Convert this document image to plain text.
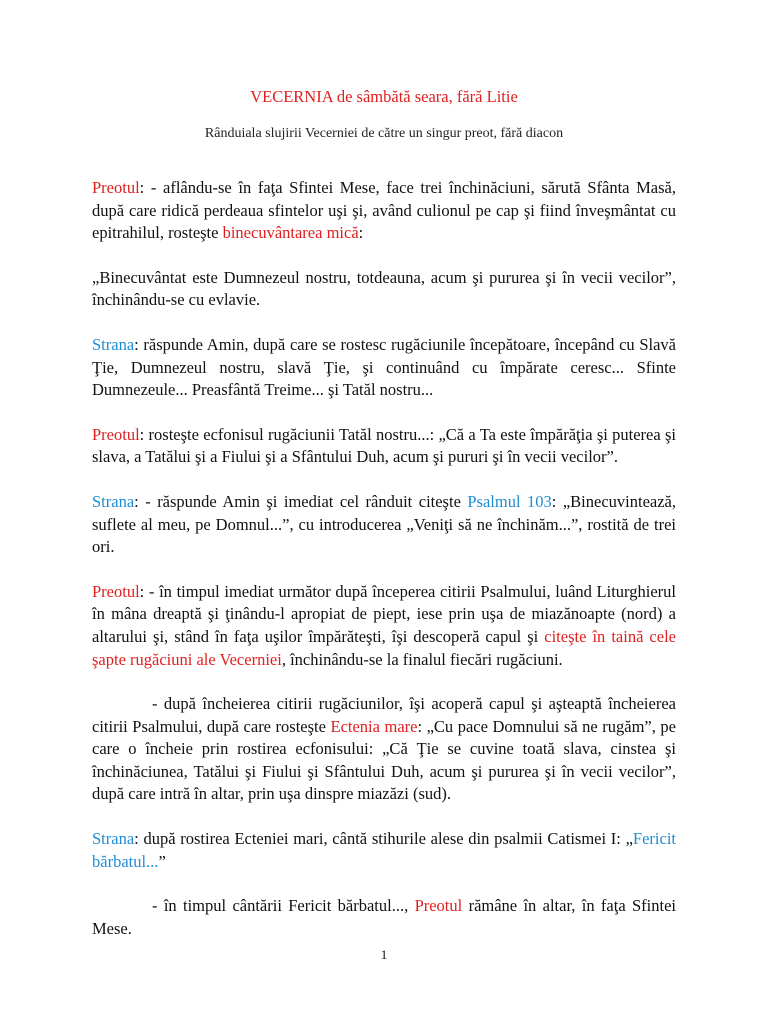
VECERNIA de sâmbătă seara, fără Litie
Rânduiala slujirii Vecerniei de către un singur preot, fără diacon

Preotul: - aflându-se în faţa Sfintei Mese, face trei închinăciuni, sărută Sfânta Masă, după care ridică perdeaua sfintelor uşi şi, având culionul pe cap şi fiind înveşmântat cu epitrahilul, rosteşte binecuvântarea mică:

„Binecuvântat este Dumnezeul nostru, totdeauna, acum şi pururea şi în vecii vecilor”, închinându-se cu evlavie.

Strana: răspunde Amin, după care se rostesc rugăciunile începătoare, începând cu Slavă Ţie, Dumnezeul nostru, slavă Ţie, şi continuând cu împărate ceresc... Sfinte Dumnezeule... Preasfântă Treime... şi Tatăl nostru...

Preotul: rosteşte ecfonisul rugăciunii Tatăl nostru...: „Că a Ta este împărăţia şi puterea şi slava, a Tatălui şi a Fiului şi a Sfântului Duh, acum şi pururi şi în vecii vecilor”.

Strana: - răspunde Amin şi imediat cel rânduit citeşte Psalmul 103: „Binecuvintează, suflete al meu, pe Domnul...”, cu introducerea „Veniţi să ne închinăm...”, rostită de trei ori.

Preotul: - în timpul imediat următor după începerea citirii Psalmului, luând Liturghierul în mâna dreaptă şi ţinându-l apropiat de piept, iese prin uşa de miazănoapte (nord) a altarului şi, stând în faţa uşilor împărăteşti, îşi descoperă capul şi citeşte în taină cele şapte rugăciuni ale Vecerniei, închinându-se la finalul fiecări rugăciuni.

- după încheierea citirii rugăciunilor, îşi acoperă capul şi aşteaptă încheierea citirii Psalmului, după care rosteşte Ectenia mare: „Cu pace Domnului să ne rugăm”, pe care o încheie prin rostirea ecfonisului: „Că Ţie se cuvine toată slava, cinstea şi închinăciunea, Tatălui şi Fiului şi Sfântului Duh, acum şi pururea şi în vecii vecilor”, după care intră în altar, prin uşa dinspre miazăzi (sud).

Strana: după rostirea Ecteniei mari, cântă stihurile alese din psalmii Catismei I: „Fericit bărbatul...”

- în timpul cântării Fericit bărbatul..., Preotul rămâne în altar, în faţa Sfintei Mese.

1
